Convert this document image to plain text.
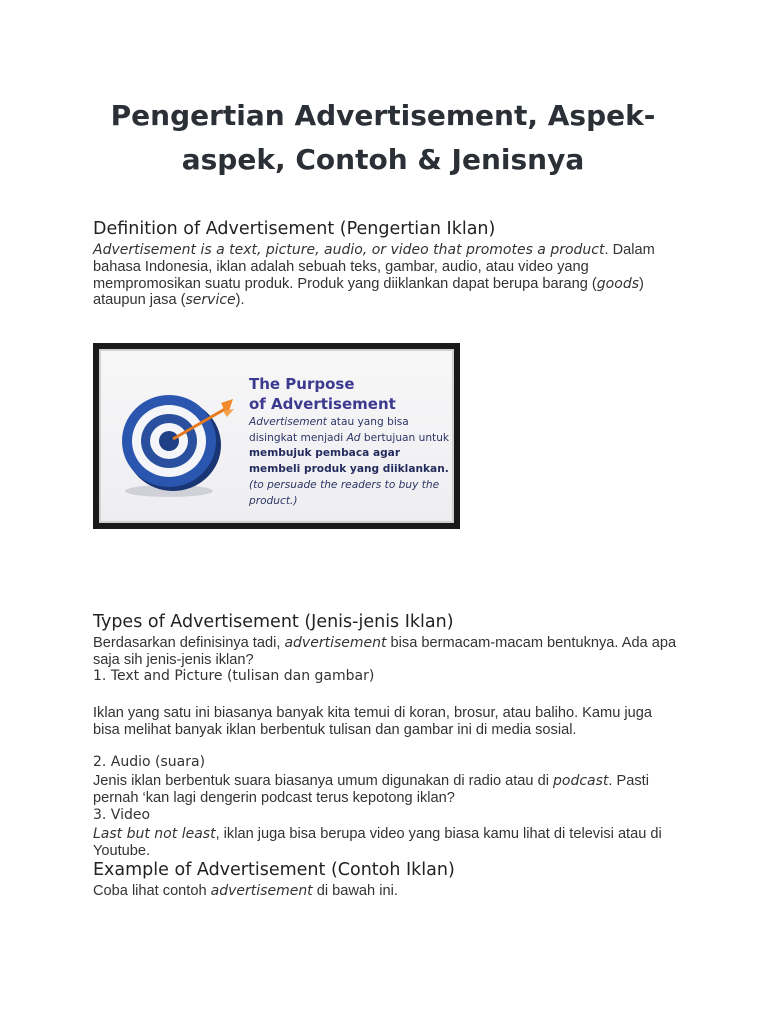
Pengertian Advertisement, Aspek-aspek, Contoh & Jenisnya
Definition of Advertisement (Pengertian Iklan)

Advertisement is a text, picture, audio, or video that promotes a product. Dalam bahasa Indonesia, iklan adalah sebuah teks, gambar, audio, atau video yang mempromosikan suatu produk. Produk yang diiklankan dapat berupa barang (goods) ataupun jasa (service).

The Purpose
of Advertisement

Advertisement atau yang bisa disingkat menjadi Ad bertujuan untuk membujuk pembaca agar membeli produk yang diiklankan.
(to persuade the readers to buy the product.)

Types of Advertisement (Jenis-jenis Iklan)

Berdasarkan definisinya tadi, advertisement bisa bermacam-macam bentuknya. Ada apa saja sih jenis-jenis iklan?

1. Text and Picture (tulisan dan gambar)

Iklan yang satu ini biasanya banyak kita temui di koran, brosur, atau baliho. Kamu juga bisa melihat banyak iklan berbentuk tulisan dan gambar ini di media sosial.

2. Audio (suara)

Jenis iklan berbentuk suara biasanya umum digunakan di radio atau di podcast. Pasti pernah ‘kan lagi dengerin podcast terus kepotong iklan?

3. Video

Last but not least, iklan juga bisa berupa video yang biasa kamu lihat di televisi atau di Youtube.

Example of Advertisement (Contoh Iklan)

Coba lihat contoh advertisement di bawah ini.
